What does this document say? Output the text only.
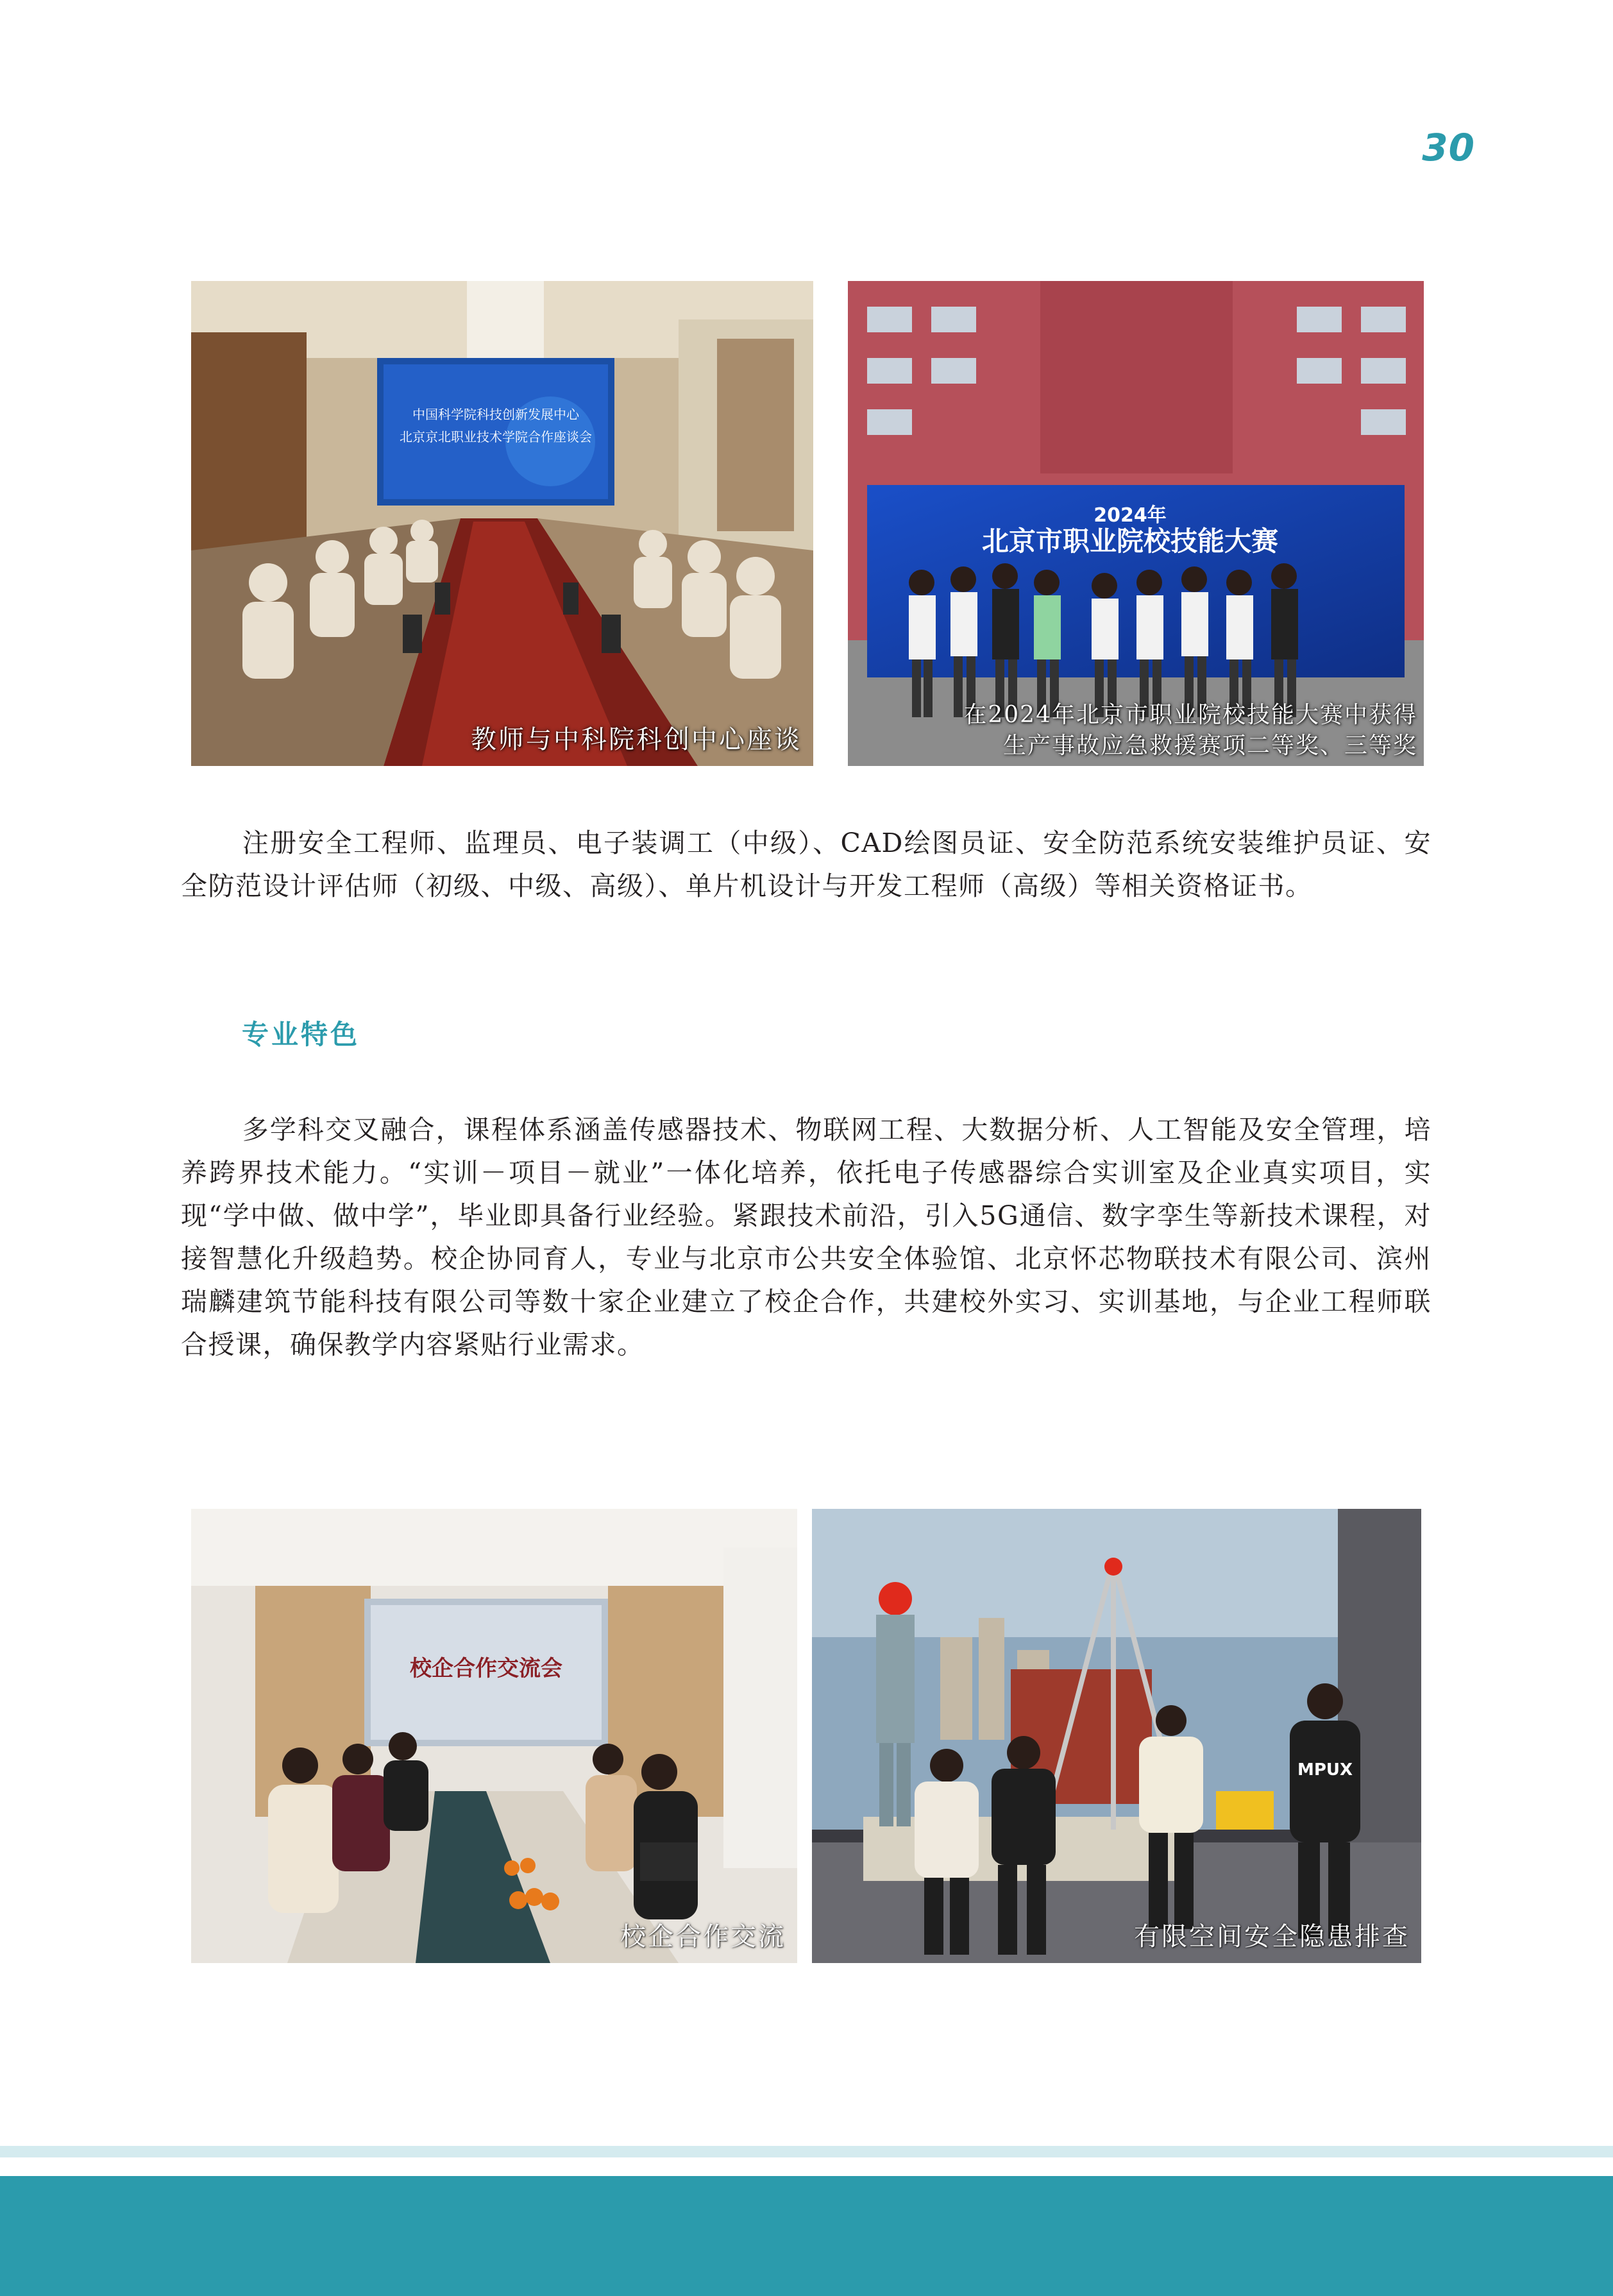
30
中国科学院科技创新发展中心
北京京北职业技术学院合作座谈会
教师与中科院科创中心座谈
2024年
北京市职业院校技能大赛
在2024年北京市职业院校技能大赛中获得
生产事故应急救援赛项二等奖、三等奖

注册安全工程师、监理员、电子装调工（中级）、CAD绘图员证、安全防范系统安装维护员证、安全防范设计评估师（初级、中级、高级）、单片机设计与开发工程师（高级）等相关资格证书。

专业特色

多学科交叉融合，课程体系涵盖传感器技术、物联网工程、大数据分析、人工智能及安全管理，培养跨界技术能力。“实训－项目－就业”一体化培养，依托电子传感器综合实训室及企业真实项目，实现“学中做、做中学”，毕业即具备行业经验。紧跟技术前沿，引入5G通信、数字孪生等新技术课程，对接智慧化升级趋势。校企协同育人，专业与北京市公共安全体验馆、北京怀芯物联技术有限公司、滨州瑞麟建筑节能科技有限公司等数十家企业建立了校企合作，共建校外实习、实训基地，与企业工程师联合授课，确保教学内容紧贴行业需求。

校企合作交流会
校企合作交流
MPUX
有限空间安全隐患排查
